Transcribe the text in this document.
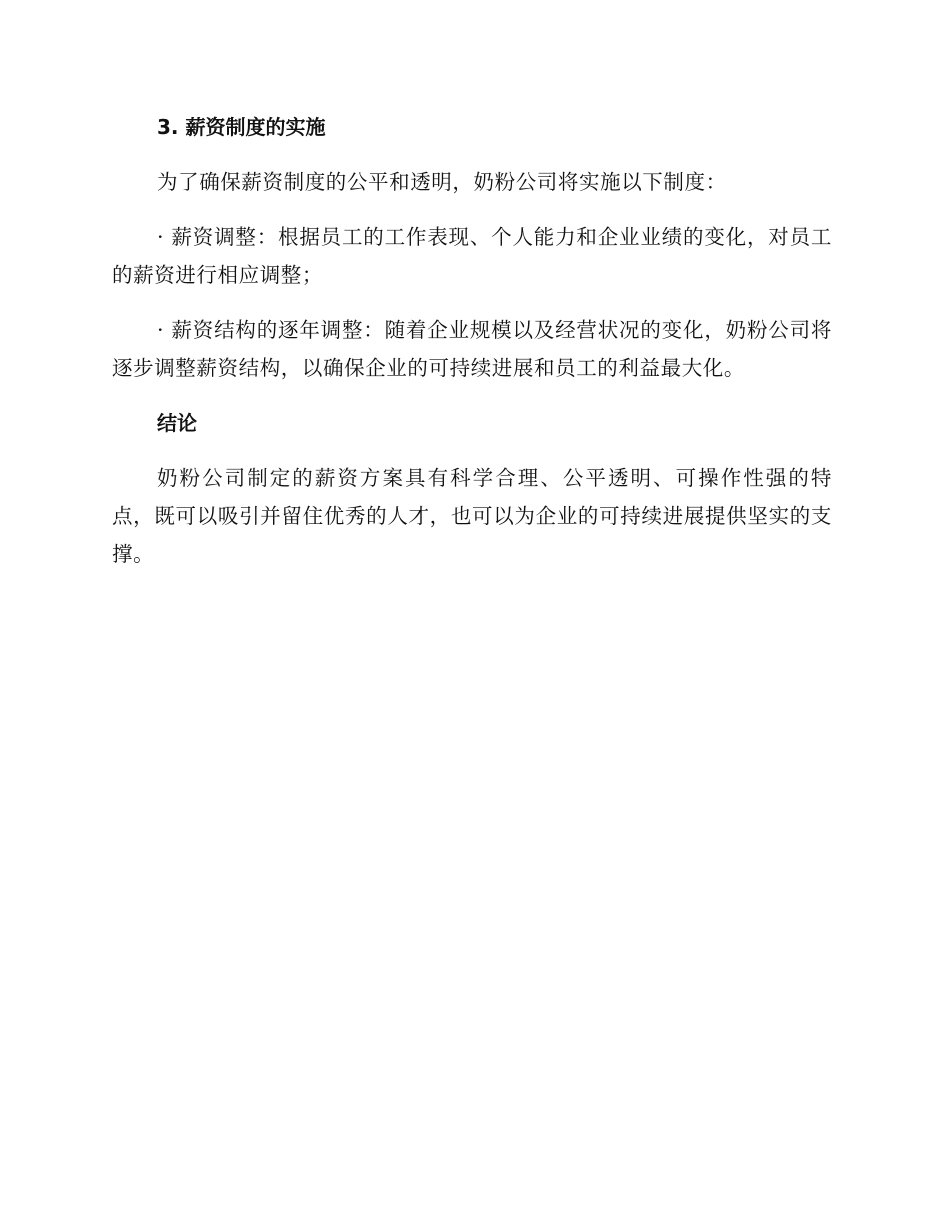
3. 薪资制度的实施

为了确保薪资制度的公平和透明，奶粉公司将实施以下制度：

· 薪资调整：根据员工的工作表现、个人能力和企业业绩的变化，对员工的薪资进行相应调整；

· 薪资结构的逐年调整：随着企业规模以及经营状况的变化，奶粉公司将逐步调整薪资结构，以确保企业的可持续进展和员工的利益最大化。

结论

奶粉公司制定的薪资方案具有科学合理、公平透明、可操作性强的特点，既可以吸引并留住优秀的人才，也可以为企业的可持续进展提供坚实的支撑。
